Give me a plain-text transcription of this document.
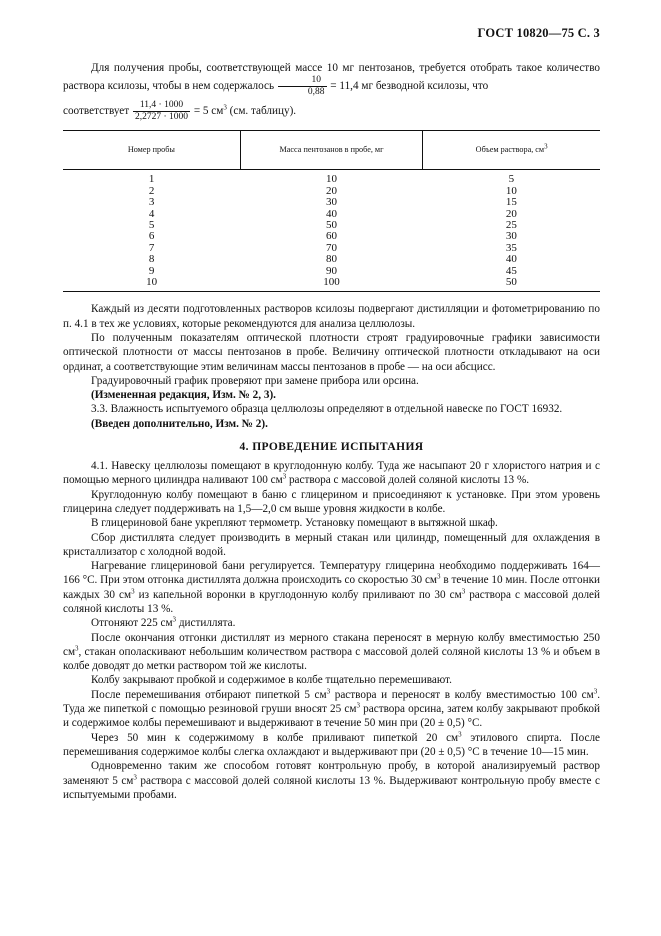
ГОСТ 10820—75 С. 3

Для получения пробы, соответствующей массе 10 мг пентозанов, требуется отобрать такое количество раствора ксилозы, чтобы в нем содержалось $\frac{10}{0,88} = 11,4$ мг безводной ксилозы, что

соответствует $\frac{11,4 \cdot 1000}{2,2727 \cdot 1000} = 5$ $см^3$ (см. таблицу).

Номер пробы	Масса пентозанов в пробе, мг	Объем раствора, $см^3$
1	10	5
2	20	10
3	30	15
4	40	20
5	50	25
6	60	30
7	70	35
8	80	40
9	90	45
10	100	50

Каждый из десяти подготовленных растворов ксилозы подвергают дистилляции и фотометрированию по п. 4.1 в тех же условиях, которые рекомендуются для анализа целлюлозы.

По полученным показателям оптической плотности строят градуировочные графики зависимости оптической плотности от массы пентозанов в пробе. Величину оптической плотности откладывают на оси ординат, а соответствующие этим величинам массы пентозанов в пробе — на оси абсцисс.

Градуировочный график проверяют при замене прибора или орсина.

(Измененная редакция, Изм. № 2, 3).

3.3. Влажность испытуемого образца целлюлозы определяют в отдельной навеске по ГОСТ 16932.

(Введен дополнительно, Изм. № 2).

4. ПРОВЕДЕНИЕ ИСПЫТАНИЯ

4.1. Навеску целлюлозы помещают в круглодонную колбу. Туда же насыпают 20 г хлористого натрия и с помощью мерного цилиндра наливают 100 $см^3$ раствора с массовой долей соляной кислоты 13 %.

Круглодонную колбу помещают в баню с глицерином и присоединяют к установке. При этом уровень глицерина следует поддерживать на 1,5—2,0 см выше уровня жидкости в колбе.

В глицериновой бане укрепляют термометр. Установку помещают в вытяжной шкаф.

Сбор дистиллята следует производить в мерный стакан или цилиндр, помещенный для охлаждения в кристаллизатор с холодной водой.

Нагревание глицериновой бани регулируется. Температуру глицерина необходимо поддерживать 164—166 °С. При этом отгонка дистиллята должна происходить со скоростью 30 $см^3$ в течение 10 мин. После отгонки каждых 30 $см^3$ из капельной воронки в круглодонную колбу приливают по 30 $см^3$ раствора с массовой долей соляной кислоты 13 %.

Отгоняют 225 $см^3$ дистиллята.

После окончания отгонки дистиллят из мерного стакана переносят в мерную колбу вместимостью 250 $см^3$, стакан ополаскивают небольшим количеством раствора с массовой долей соляной кислоты 13 % и объем в колбе доводят до метки раствором той же кислоты.

Колбу закрывают пробкой и содержимое в колбе тщательно перемешивают.

После перемешивания отбирают пипеткой 5 $см^3$ раствора и переносят в колбу вместимостью 100 $см^3$. Туда же пипеткой с помощью резиновой груши вносят 25 $см^3$ раствора орсина, затем колбу закрывают пробкой и содержимое колбы перемешивают и выдерживают в течение 50 мин при (20 ± 0,5) °С.

Через 50 мин к содержимому в колбе приливают пипеткой 20 $см^3$ этилового спирта. После перемешивания содержимое колбы слегка охлаждают и выдерживают при (20 ± 0,5) °С в течение 10—15 мин.

Одновременно таким же способом готовят контрольную пробу, в которой анализируемый раствор заменяют 5 $см^3$ раствора с массовой долей соляной кислоты 13 %. Выдерживают контрольную пробу вместе с испытуемыми пробами.
